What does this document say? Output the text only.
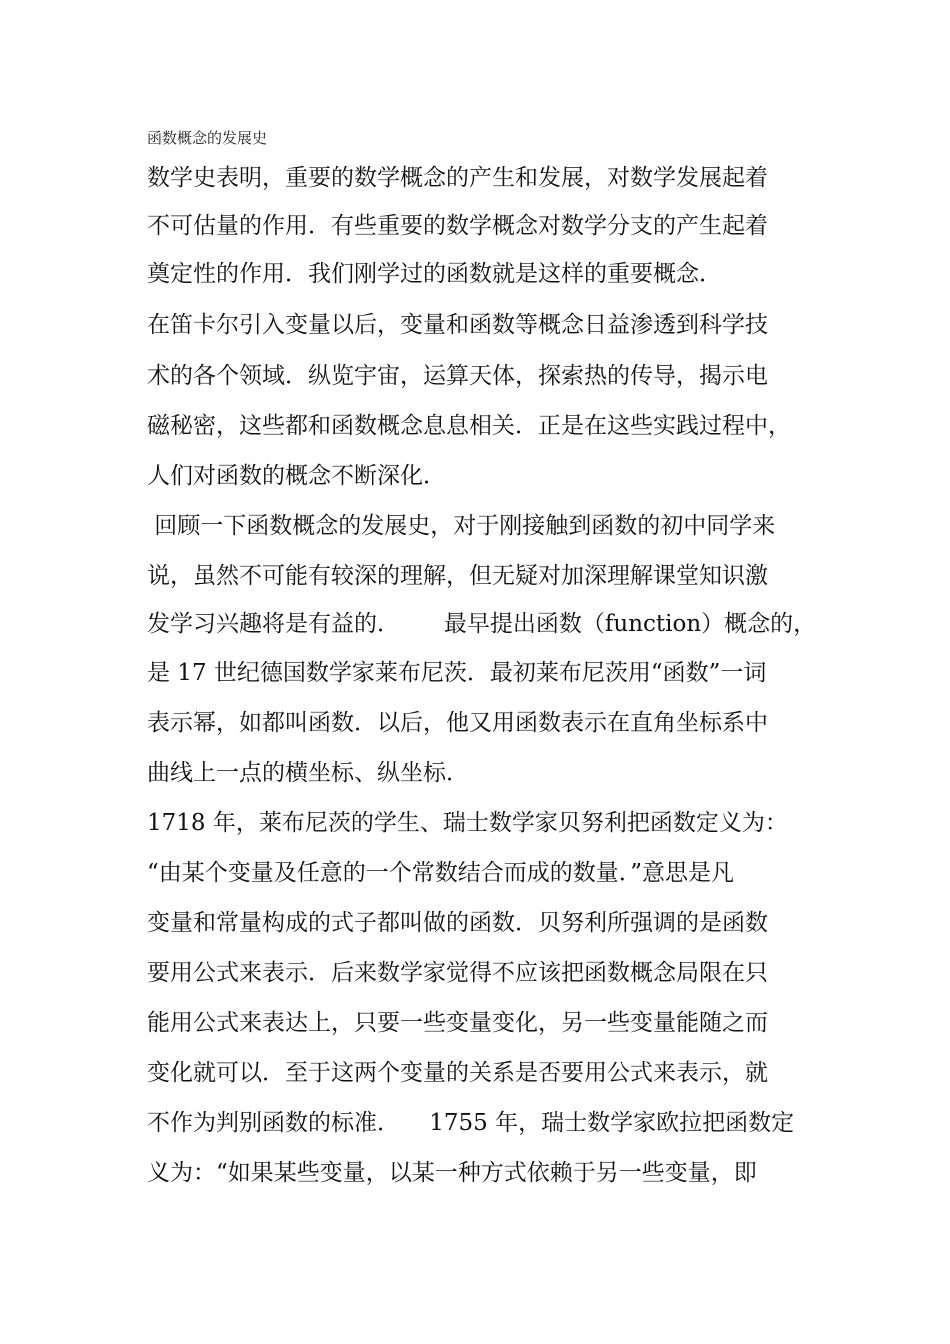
函数概念的发展史
数学史表明，重要的数学概念的产生和发展，对数学发展起着
不可估量的作用．有些重要的数学概念对数学分支的产生起着
奠定性的作用．我们刚学过的函数就是这样的重要概念．
在笛卡尔引入变量以后，变量和函数等概念日益渗透到科学技
术的各个领域．纵览宇宙，运算天体，探索热的传导，揭示电
磁秘密，这些都和函数概念息息相关．正是在这些实践过程中，
人们对函数的概念不断深化．
回顾一下函数概念的发展史，对于刚接触到函数的初中同学来
说，虽然不可能有较深的理解，但无疑对加深理解课堂知识激
发学习兴趣将是有益的．      最早提出函数（function）概念的，
是 17 世纪德国数学家莱布尼茨．最初莱布尼茨用“函数”一词
表示幂，如都叫函数．以后，他又用函数表示在直角坐标系中
曲线上一点的横坐标、纵坐标．
1718 年，莱布尼茨的学生、瑞士数学家贝努利把函数定义为：
“由某个变量及任意的一个常数结合而成的数量．”意思是凡
变量和常量构成的式子都叫做的函数．贝努利所强调的是函数
要用公式来表示．后来数学家觉得不应该把函数概念局限在只
能用公式来表达上，只要一些变量变化，另一些变量能随之而
变化就可以．至于这两个变量的关系是否要用公式来表示，就
不作为判别函数的标准．    1755 年，瑞士数学家欧拉把函数定
义为：“如果某些变量，以某一种方式依赖于另一些变量，即
